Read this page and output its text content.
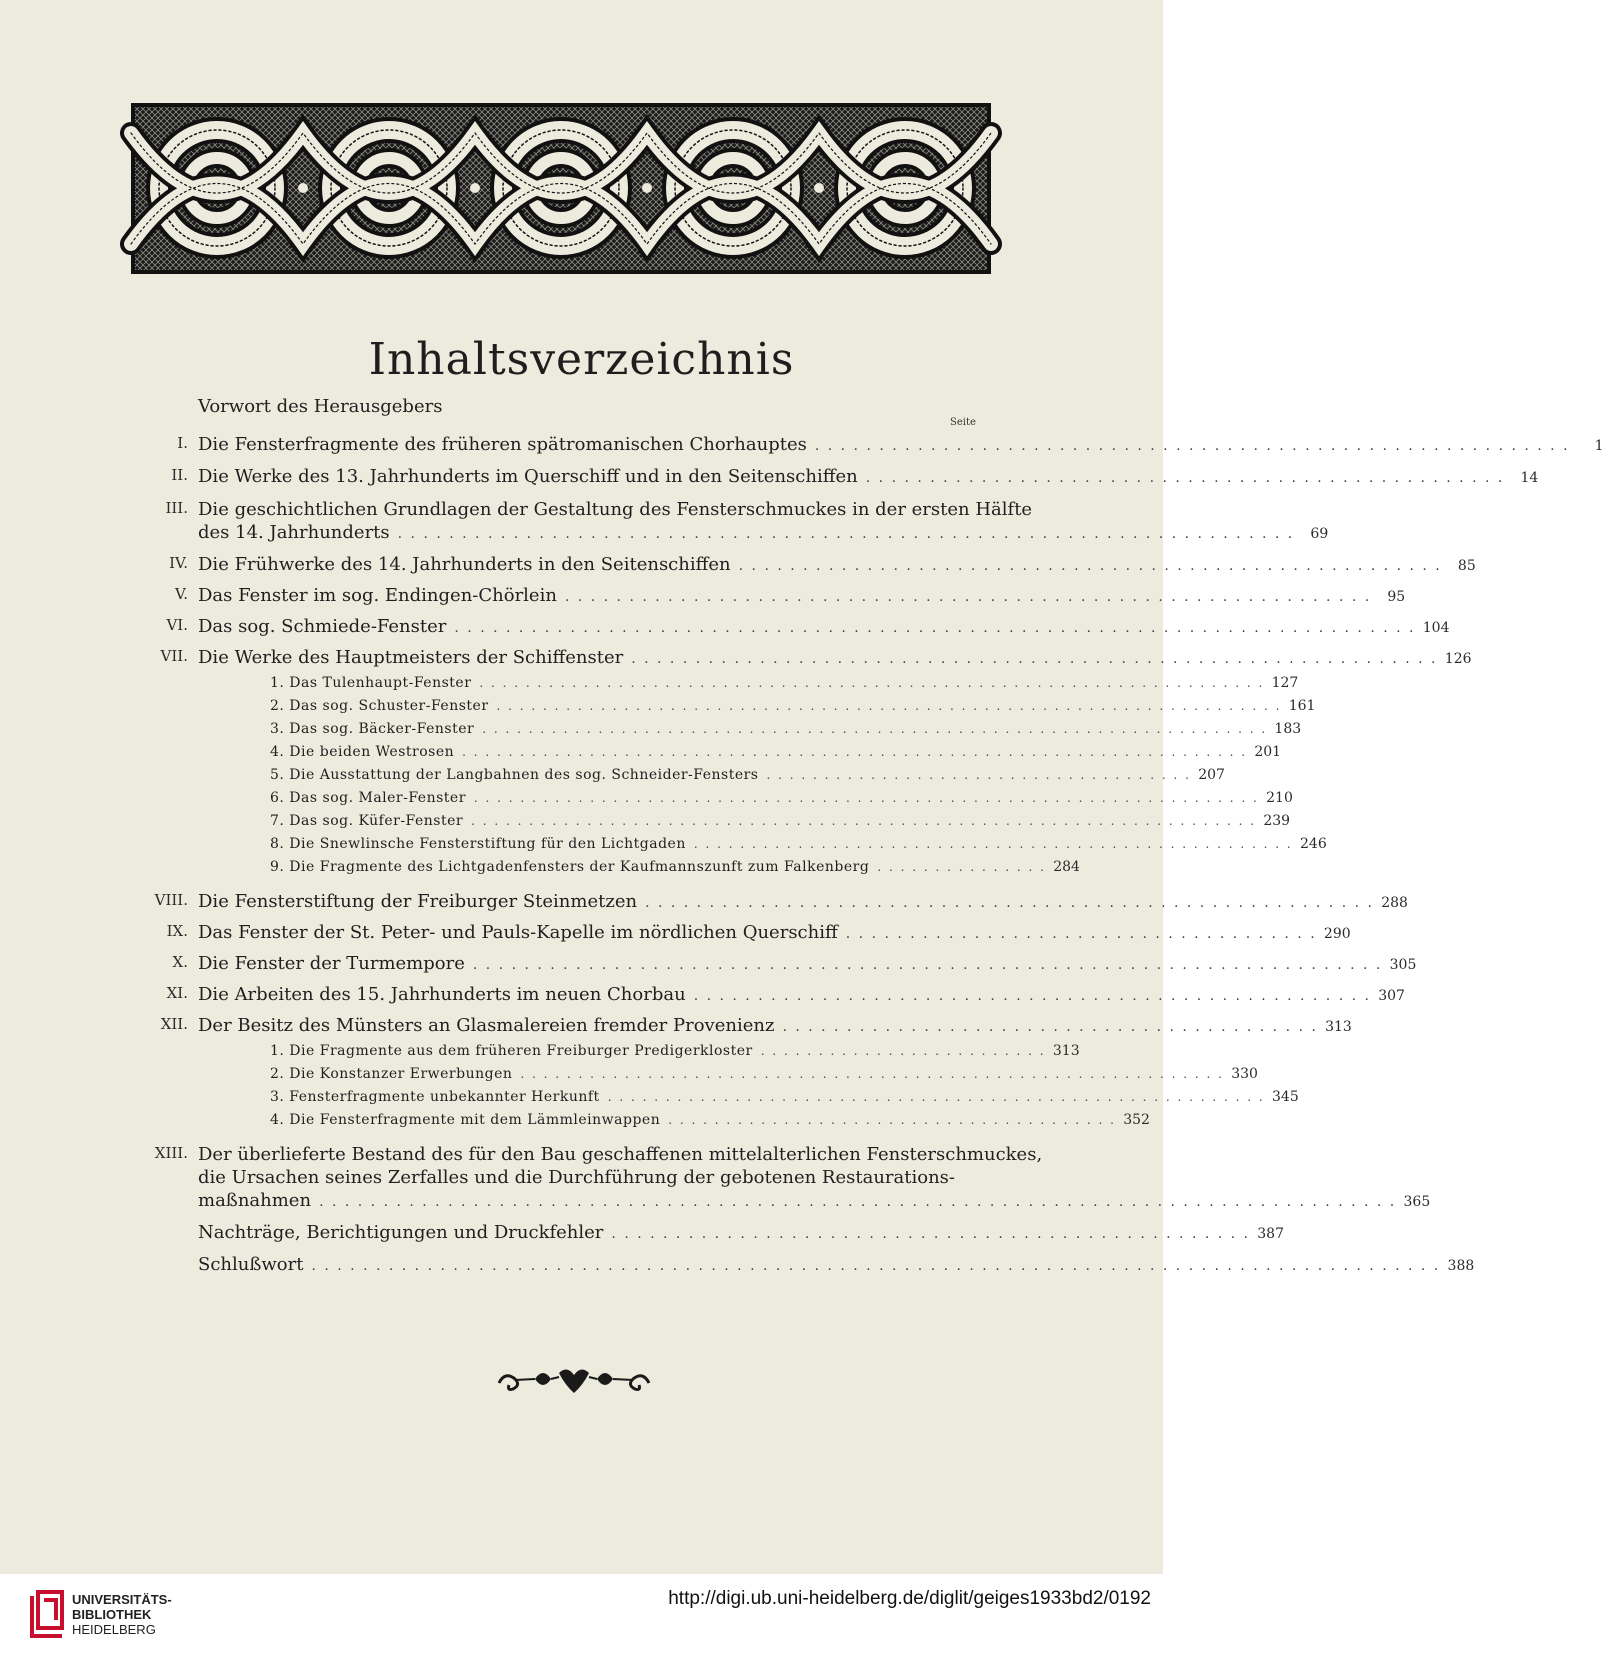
Inhaltsverzeichnis
Seite
Vorwort des Herausgebers
I. Die Fensterfragmente des früheren spätromanischen Chorhauptes . . . . . . . . . . . . . . . . . . . . . . . . . . . . . . . . . . . . . . . . . . . . . . . . . . . . . . . . . . .	1
II. Die Werke des 13. Jahrhunderts im Querschiff und in den Seitenschiffen . . . . . . . . . . . . . . . . . . . . . . . . . . . . . . . . . . . . . . . . . . . . . . . . . .	14
III. Die geschichtlichen Grundlagen der Gestaltung des Fensterschmuckes in der ersten Hälfte
des 14. Jahrhunderts . . . . . . . . . . . . . . . . . . . . . . . . . . . . . . . . . . . . . . . . . . . . . . . . . . . . . . . . . . . . . . . . . . . . . .	69
IV. Die Frühwerke des 14. Jahrhunderts in den Seitenschiffen . . . . . . . . . . . . . . . . . . . . . . . . . . . . . . . . . . . . . . . . . . . . . . . . . . . . . . .	85
V. Das Fenster im sog. Endingen-Chörlein . . . . . . . . . . . . . . . . . . . . . . . . . . . . . . . . . . . . . . . . . . . . . . . . . . . . . . . . . . . . . . .	95
VI. Das sog. Schmiede-Fenster . . . . . . . . . . . . . . . . . . . . . . . . . . . . . . . . . . . . . . . . . . . . . . . . . . . . . . . . . . . . . . . . . . . . . . . . . . . 104
VII. Die Werke des Hauptmeisters der Schiffenster . . . . . . . . . . . . . . . . . . . . . . . . . . . . . . . . . . . . . . . . . . . . . . . . . . . . . . . . . . . . . . . 126
1. Das Tulenhaupt-Fenster . . . . . . . . . . . . . . . . . . . . . . . . . . . . . . . . . . . . . . . . . . . . . . . . . . . . . . . . . . . . . . . . . . . . 127
2. Das sog. Schuster-Fenster . . . . . . . . . . . . . . . . . . . . . . . . . . . . . . . . . . . . . . . . . . . . . . . . . . . . . . . . . . . . . . . . . . . . 161
3. Das sog. Bäcker-Fenster . . . . . . . . . . . . . . . . . . . . . . . . . . . . . . . . . . . . . . . . . . . . . . . . . . . . . . . . . . . . . . . . . . . . 183
4. Die beiden Westrosen . . . . . . . . . . . . . . . . . . . . . . . . . . . . . . . . . . . . . . . . . . . . . . . . . . . . . . . . . . . . . . . . . . . . 201
5. Die Ausstattung der Langbahnen des sog. Schneider-Fensters . . . . . . . . . . . . . . . . . . . . . . . . . . . . . . . . . . . . . 207
6. Das sog. Maler-Fenster . . . . . . . . . . . . . . . . . . . . . . . . . . . . . . . . . . . . . . . . . . . . . . . . . . . . . . . . . . . . . . . . . . . . 210
7. Das sog. Küfer-Fenster . . . . . . . . . . . . . . . . . . . . . . . . . . . . . . . . . . . . . . . . . . . . . . . . . . . . . . . . . . . . . . . . . . . . 239
8. Die Snewlinsche Fensterstiftung für den Lichtgaden . . . . . . . . . . . . . . . . . . . . . . . . . . . . . . . . . . . . . . . . . . . . . . . . . . . . 246
9. Die Fragmente des Lichtgadenfensters der Kaufmannszunft zum Falkenberg . . . . . . . . . . . . . . . 284
VIII. Die Fensterstiftung der Freiburger Steinmetzen . . . . . . . . . . . . . . . . . . . . . . . . . . . . . . . . . . . . . . . . . . . . . . . . . . . . . . . . . 288
IX. Das Fenster der St. Peter- und Pauls-Kapelle im nördlichen Querschiff . . . . . . . . . . . . . . . . . . . . . . . . . . . . . . . . . . . . . 290
X. Die Fenster der Turmempore . . . . . . . . . . . . . . . . . . . . . . . . . . . . . . . . . . . . . . . . . . . . . . . . . . . . . . . . . . . . . . . . . . . . . . . 305
XI. Die Arbeiten des 15. Jahrhunderts im neuen Chorbau . . . . . . . . . . . . . . . . . . . . . . . . . . . . . . . . . . . . . . . . . . . . . . . . . . . . . 307
XII. Der Besitz des Münsters an Glasmalereien fremder Provenienz . . . . . . . . . . . . . . . . . . . . . . . . . . . . . . . . . . . . . . . . . . 313
1. Die Fragmente aus dem früheren Freiburger Predigerkloster . . . . . . . . . . . . . . . . . . . . . . . . . 313
2. Die Konstanzer Erwerbungen . . . . . . . . . . . . . . . . . . . . . . . . . . . . . . . . . . . . . . . . . . . . . . . . . . . . . . . . . . . . . 330
3. Fensterfragmente unbekannter Herkunft . . . . . . . . . . . . . . . . . . . . . . . . . . . . . . . . . . . . . . . . . . . . . . . . . . . . . . . . . 345
4. Die Fensterfragmente mit dem Lämmleinwappen . . . . . . . . . . . . . . . . . . . . . . . . . . . . . . . . . . . . . . . 352
XIII. Der überlieferte Bestand des für den Bau geschaffenen mittelalterlichen Fensterschmuckes,
die Ursachen seines Zerfalles und die Durchführung der gebotenen Restaurations-
maßnahmen . . . . . . . . . . . . . . . . . . . . . . . . . . . . . . . . . . . . . . . . . . . . . . . . . . . . . . . . . . . . . . . . . . . . . . . . . . . . . . . . . . . . 365
Nachträge, Berichtigungen und Druckfehler . . . . . . . . . . . . . . . . . . . . . . . . . . . . . . . . . . . . . . . . . . . . . . . . . . 387
Schlußwort . . . . . . . . . . . . . . . . . . . . . . . . . . . . . . . . . . . . . . . . . . . . . . . . . . . . . . . . . . . . . . . . . . . . . . . . . . . . . . . . . . . . . . . . 388
UNIVERSITÄTS-
BIBLIOTHEK
HEIDELBERG
http://digi.ub.uni-heidelberg.de/diglit/geiges1933bd2/0192
